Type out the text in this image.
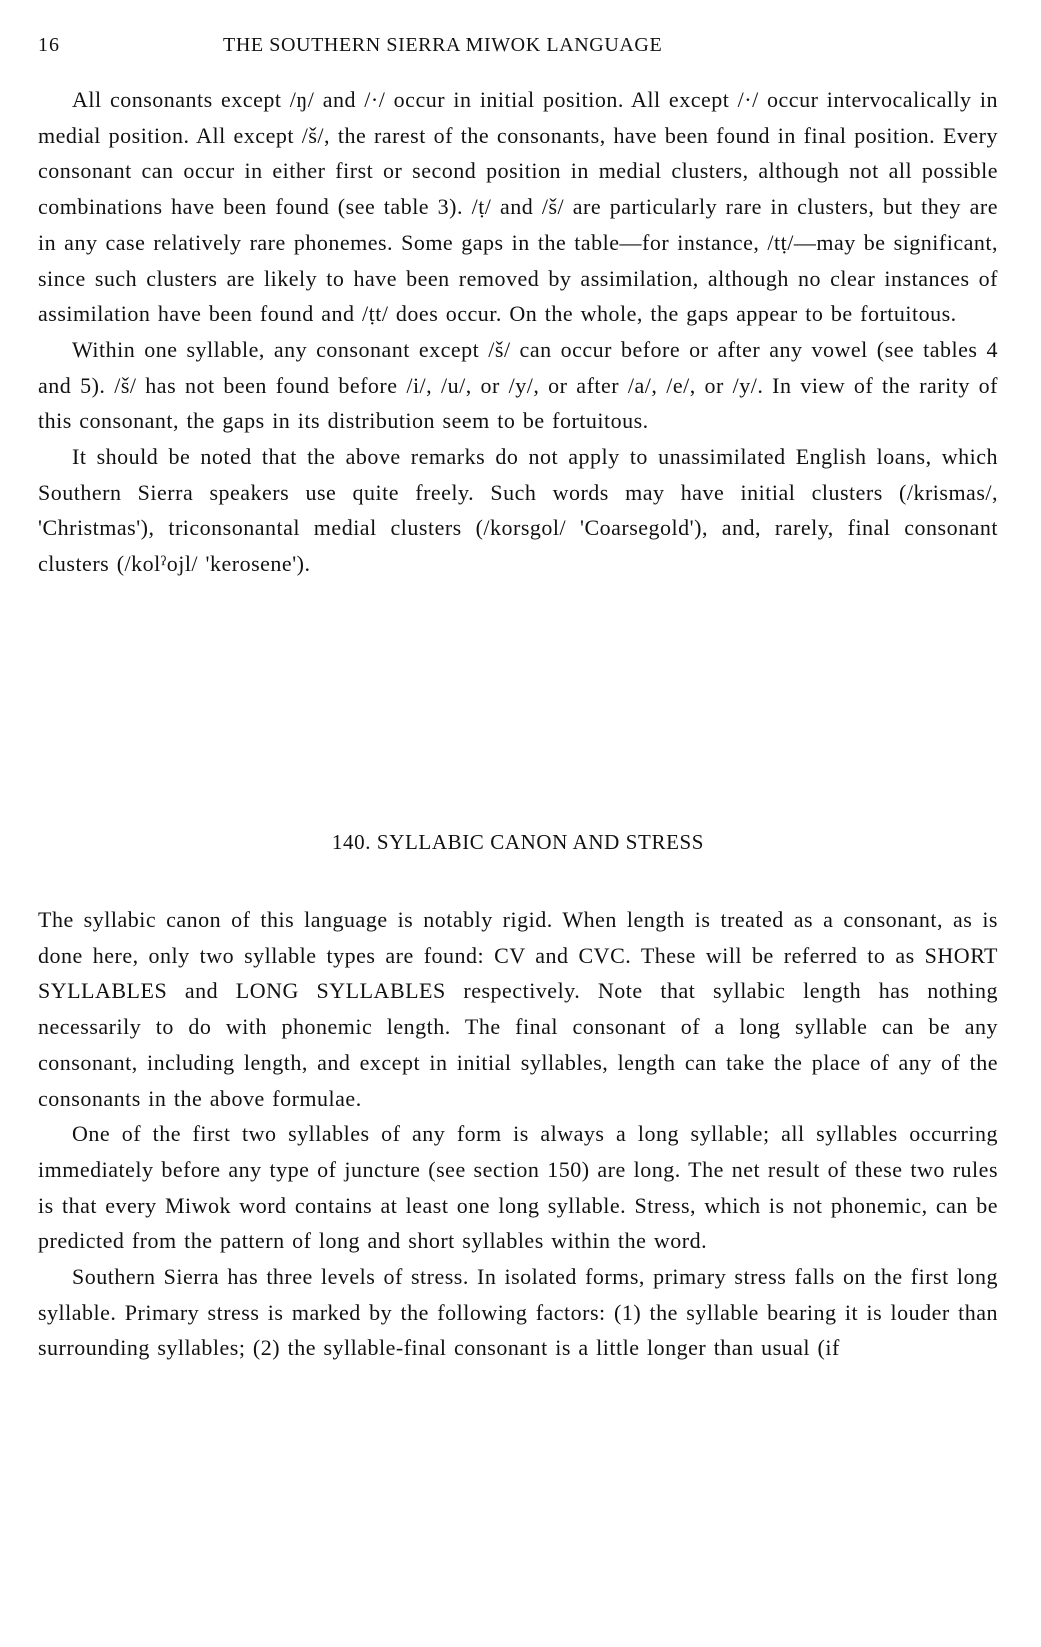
16	THE SOUTHERN SIERRA MIWOK LANGUAGE

All consonants except /ŋ/ and /·/ occur in initial position. All except /·/ occur intervocalically in medial position. All except /š/, the rarest of the consonants, have been found in final position. Every consonant can occur in either first or second position in medial clusters, although not all possible combinations have been found (see table 3). /ṭ/ and /š/ are particularly rare in clusters, but they are in any case relatively rare phonemes. Some gaps in the table—for instance, /tṭ/—may be significant, since such clusters are likely to have been removed by assimilation, although no clear instances of assimilation have been found and /ṭt/ does occur. On the whole, the gaps appear to be fortuitous.

Within one syllable, any consonant except /š/ can occur before or after any vowel (see tables 4 and 5). /š/ has not been found before /i/, /u/, or /y/, or after /a/, /e/, or /y/. In view of the rarity of this consonant, the gaps in its distribution seem to be fortuitous.

It should be noted that the above remarks do not apply to unassimilated English loans, which Southern Sierra speakers use quite freely. Such words may have initial clusters (/krismas/, 'Christmas'), triconsonantal medial clusters (/korsgol/ 'Coarsegold'), and, rarely, final consonant clusters (/kolˀojl/ 'kerosene').

140. SYLLABIC CANON AND STRESS

The syllabic canon of this language is notably rigid. When length is treated as a consonant, as is done here, only two syllable types are found: CV and CVC. These will be referred to as SHORT SYLLABLES and LONG SYLLABLES respectively. Note that syllabic length has nothing necessarily to do with phonemic length. The final consonant of a long syllable can be any consonant, including length, and except in initial syllables, length can take the place of any of the consonants in the above formulae.

One of the first two syllables of any form is always a long syllable; all syllables occurring immediately before any type of juncture (see section 150) are long. The net result of these two rules is that every Miwok word contains at least one long syllable. Stress, which is not phonemic, can be predicted from the pattern of long and short syllables within the word.

Southern Sierra has three levels of stress. In isolated forms, primary stress falls on the first long syllable. Primary stress is marked by the following factors: (1) the syllable bearing it is louder than surrounding syllables; (2) the syllable-final consonant is a little longer than usual (if
